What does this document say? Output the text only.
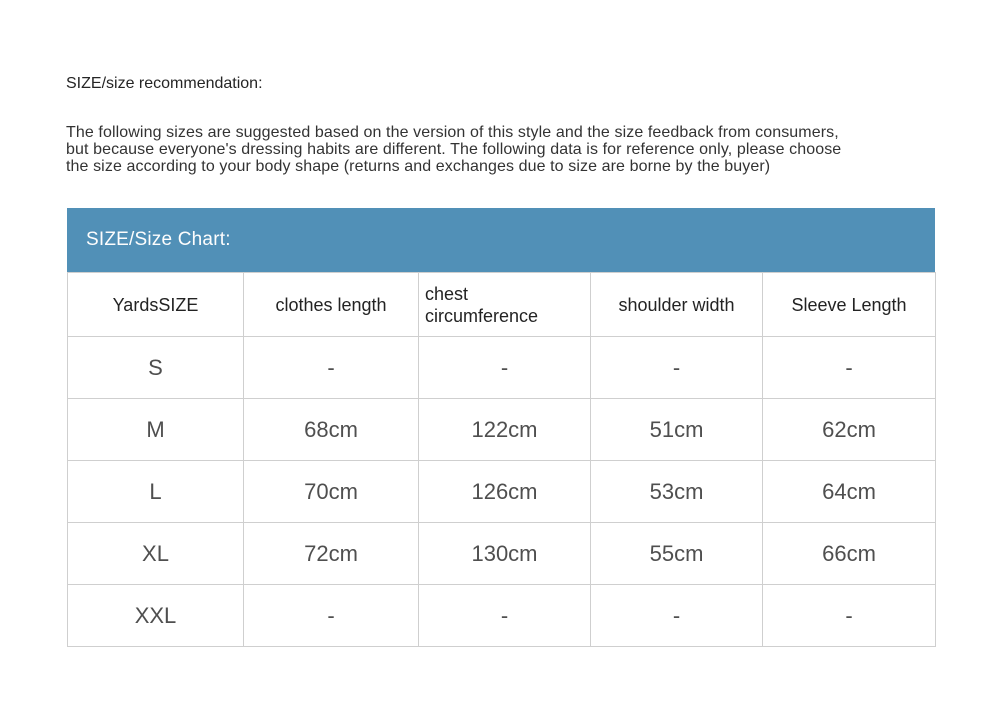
SIZE/size recommendation:
The following sizes are suggested based on the version of this style and the size feedback from consumers,
but because everyone's dressing habits are different. The following data is for reference only, please choose
the size according to your body shape (returns and exchanges due to size are borne by the buyer)
SIZE/Size Chart:
YardsSIZE	clothes length	chest circumference	shoulder width	Sleeve Length
S	-	-	-	-
M	68cm	122cm	51cm	62cm
L	70cm	126cm	53cm	64cm
XL	72cm	130cm	55cm	66cm
XXL	-	-	-	-
